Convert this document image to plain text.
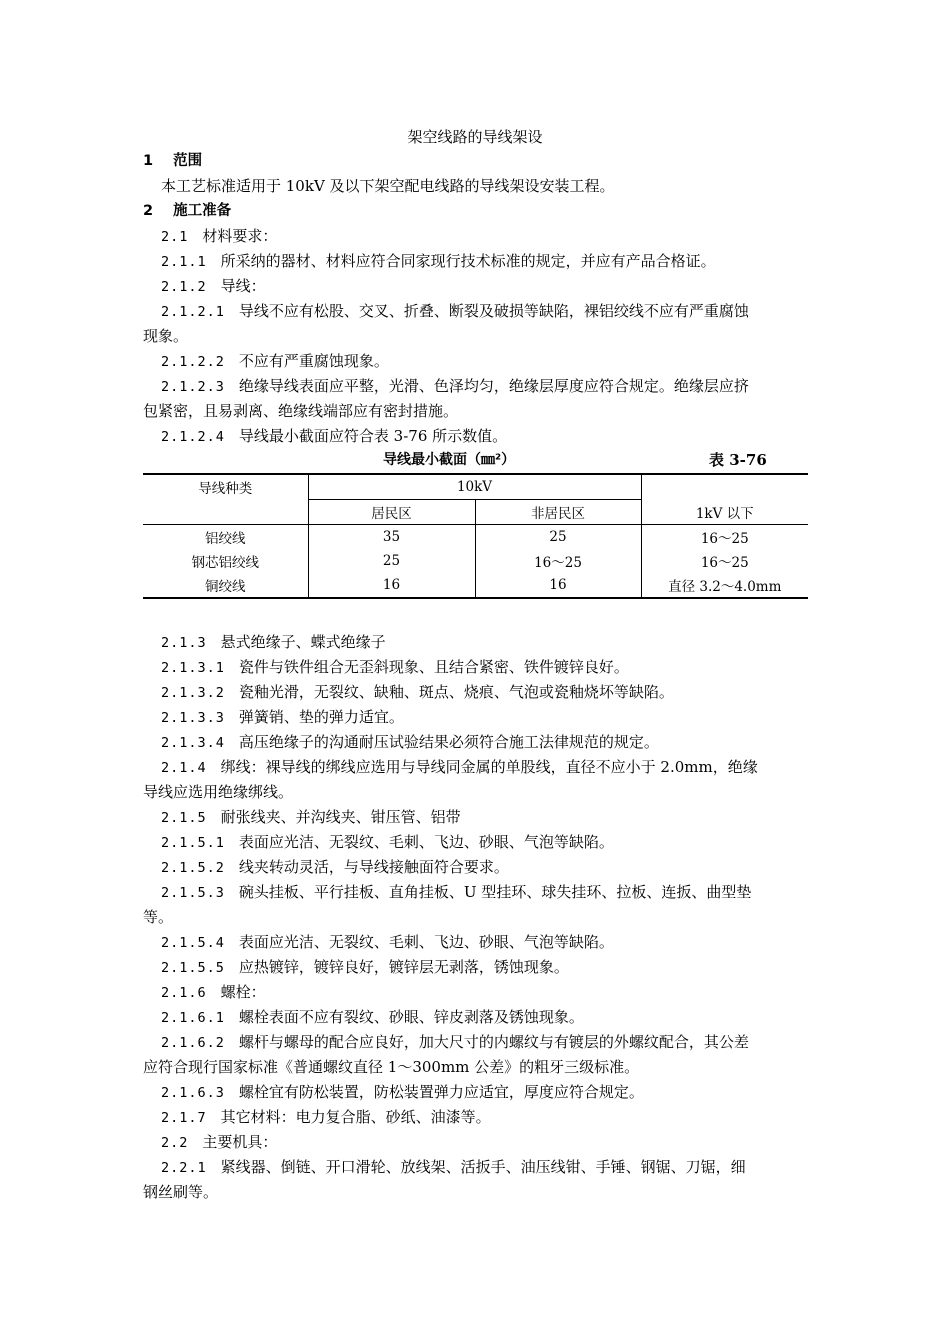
架空线路的导线架设
1 范围
本工艺标准适用于 10kV 及以下架空配电线路的导线架设安装工程。
2 施工准备
2.1 材料要求：
2.1.1 所采纳的器材、材料应符合同家现行技术标准的规定，并应有产品合格证。
2.1.2 导线：
2.1.2.1 导线不应有松股、交叉、折叠、断裂及破损等缺陷，裸铝绞线不应有严重腐蚀
现象。
2.1.2.2 不应有严重腐蚀现象。
2.1.2.3 绝缘导线表面应平整，光滑、色泽均匀，绝缘层厚度应符合规定。绝缘层应挤
包紧密，且易剥离、绝缘线端部应有密封措施。
2.1.2.4 导线最小截面应符合表 3-76 所示数值。
导线最小截面（㎜²）	表 3-76
导线种类	10kV		1kV 以下
	居民区	非居民区	
铝绞线	35	25	16～25
钢芯铝绞线	25	16～25	16～25
铜绞线	16	16	直径 3.2～4.0mm
2.1.3 悬式绝缘子、蝶式绝缘子
2.1.3.1 瓷件与铁件组合无歪斜现象、且结合紧密、铁件镀锌良好。
2.1.3.2 瓷釉光滑，无裂纹、缺釉、斑点、烧痕、气泡或瓷釉烧坏等缺陷。
2.1.3.3 弹簧销、垫的弹力适宜。
2.1.3.4 高压绝缘子的沟通耐压试验结果必须符合施工法律规范的规定。
2.1.4 绑线：裸导线的绑线应选用与导线同金属的单股线，直径不应小于 2.0mm，绝缘
导线应选用绝缘绑线。
2.1.5 耐张线夹、并沟线夹、钳压管、铝带
2.1.5.1 表面应光洁、无裂纹、毛刺、飞边、砂眼、气泡等缺陷。
2.1.5.2 线夹转动灵活，与导线接触面符合要求。
2.1.5.3 碗头挂板、平行挂板、直角挂板、U 型挂环、球失挂环、拉板、连扳、曲型垫
等。
2.1.5.4 表面应光洁、无裂纹、毛刺、飞边、砂眼、气泡等缺陷。
2.1.5.5 应热镀锌，镀锌良好，镀锌层无剥落，锈蚀现象。
2.1.6 螺栓：
2.1.6.1 螺栓表面不应有裂纹、砂眼、锌皮剥落及锈蚀现象。
2.1.6.2 螺杆与螺母的配合应良好，加大尺寸的内螺纹与有镀层的外螺纹配合，其公差
应符合现行国家标准《普通螺纹直径 1～300mm 公差》的粗牙三级标准。
2.1.6.3 螺栓宜有防松装置，防松装置弹力应适宜，厚度应符合规定。
2.1.7 其它材料：电力复合脂、砂纸、油漆等。
2.2 主要机具：
2.2.1 紧线器、倒链、开口滑轮、放线架、活扳手、油压线钳、手锤、钢锯、刀锯，细
钢丝刷等。
